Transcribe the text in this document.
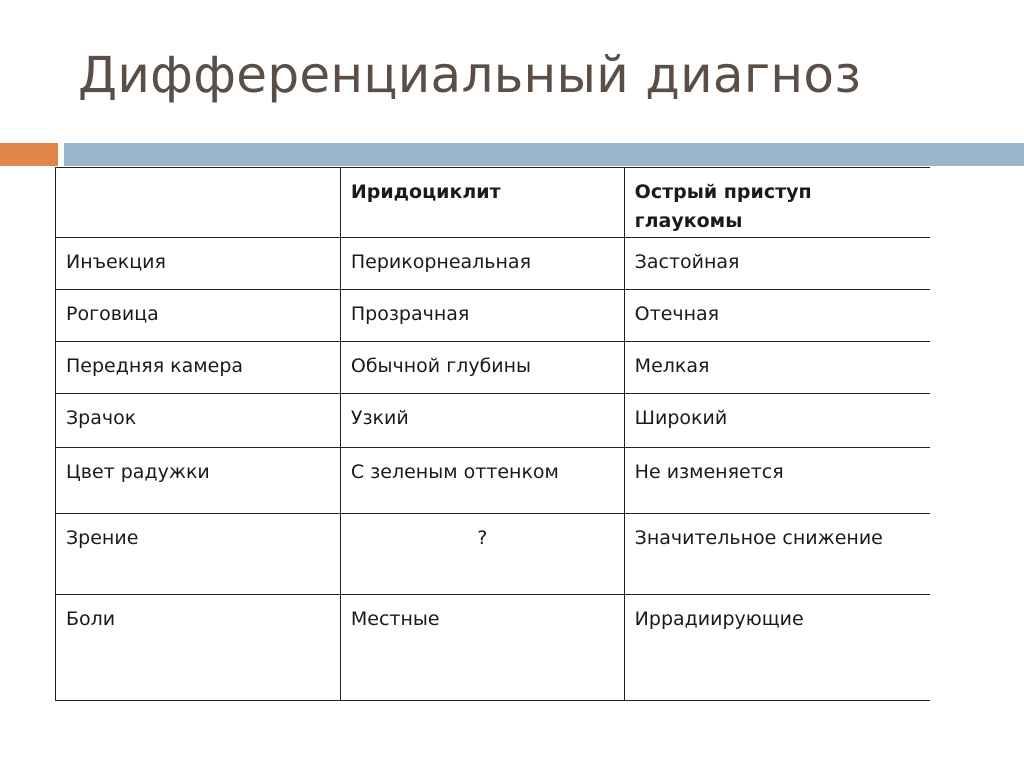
Дифференциальный диагноз
	Иридоциклит	Острый приступ глаукомы
Инъекция	Перикорнеальная	Застойная
Роговица	Прозрачная	Отечная
Передняя камера	Обычной глубины	Мелкая
Зрачок	Узкий	Широкий
Цвет радужки	С зеленым оттенком	Не изменяется
Зрение	?	Значительное снижение
Боли	Местные	Иррадиирующие
